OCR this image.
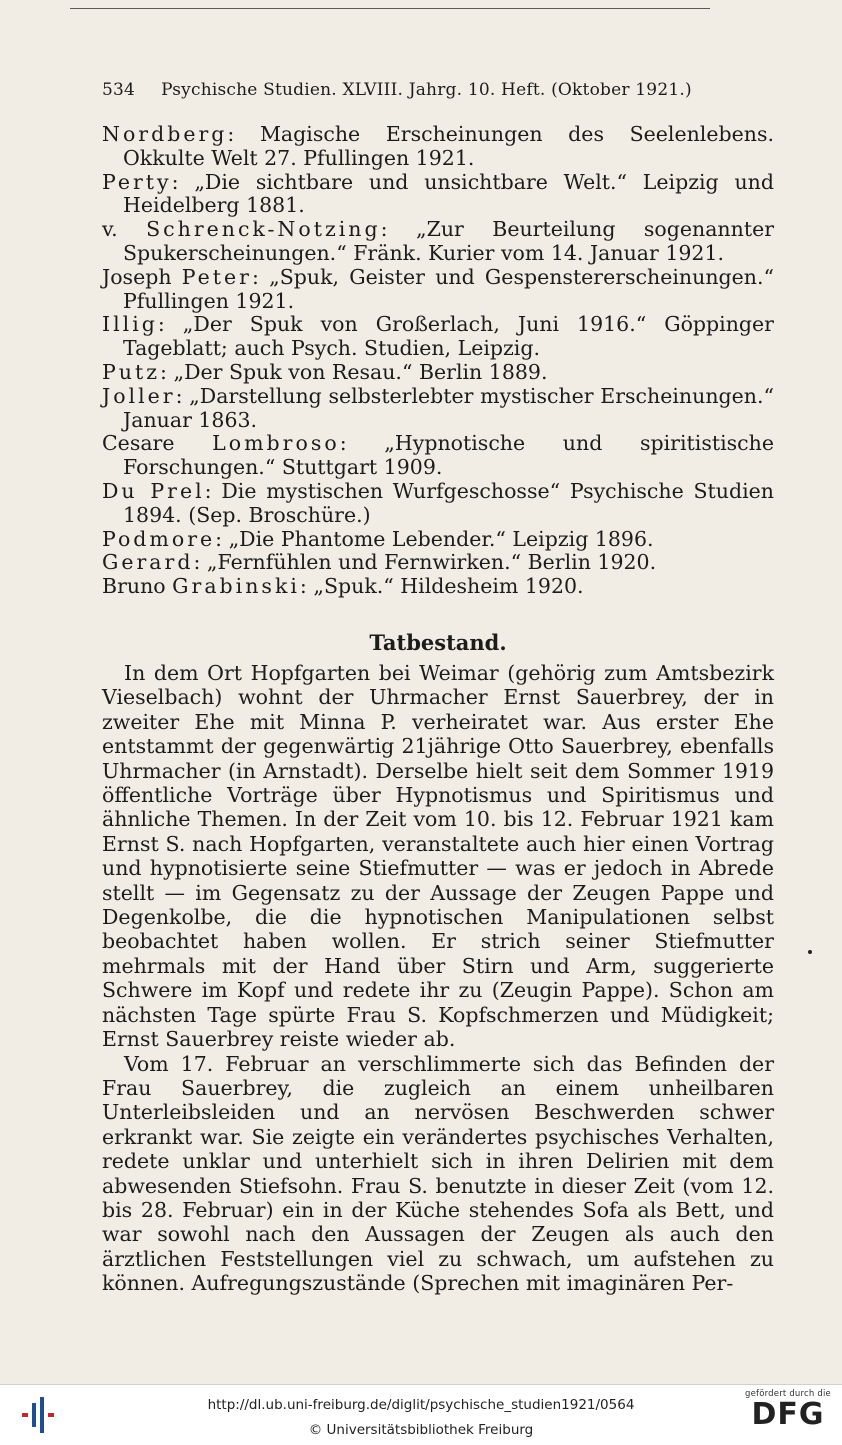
534 Psychische Studien. XLVIII. Jahrg. 10. Heft. (Oktober 1921.)
Nordberg: Magische Erscheinungen des Seelenlebens. Okkulte Welt 27. Pfullingen 1921.
Perty: „Die sichtbare und unsichtbare Welt.“ Leipzig und Heidelberg 1881.
v. Schrenck-Notzing: „Zur Beurteilung sogenannter Spukerscheinungen.“ Fränk. Kurier vom 14. Januar 1921.
Joseph Peter: „Spuk, Geister und Gespenstererscheinungen.“ Pfullingen 1921.
Illig: „Der Spuk von Großerlach, Juni 1916.“ Göppinger Tageblatt; auch Psych. Studien, Leipzig.
Putz: „Der Spuk von Resau.“ Berlin 1889.
Joller: „Darstellung selbsterlebter mystischer Erscheinungen.“ Januar 1863.
Cesare Lombroso: „Hypnotische und spiritistische Forschungen.“ Stuttgart 1909.
Du Prel: Die mystischen Wurfgeschosse“ Psychische Studien 1894. (Sep. Broschüre.)
Podmore: „Die Phantome Lebender.“ Leipzig 1896.
Gerard: „Fernfühlen und Fernwirken.“ Berlin 1920.
Bruno Grabinski: „Spuk.“ Hildesheim 1920.
Tatbestand.

In dem Ort Hopfgarten bei Weimar (gehörig zum Amtsbezirk Vieselbach) wohnt der Uhrmacher Ernst Sauerbrey, der in zweiter Ehe mit Minna P. verheiratet war. Aus erster Ehe entstammt der gegenwärtig 21jährige Otto Sauerbrey, ebenfalls Uhrmacher (in Arnstadt). Derselbe hielt seit dem Sommer 1919 öffentliche Vorträge über Hypnotismus und Spiritismus und ähnliche Themen. In der Zeit vom 10. bis 12. Februar 1921 kam Ernst S. nach Hopfgarten, veranstaltete auch hier einen Vortrag und hypnotisierte seine Stiefmutter — was er jedoch in Abrede stellt — im Gegensatz zu der Aussage der Zeugen Pappe und Degenkolbe, die die hypnotischen Manipulationen selbst beobachtet haben wollen. Er strich seiner Stiefmutter mehrmals mit der Hand über Stirn und Arm, suggerierte Schwere im Kopf und redete ihr zu (Zeugin Pappe). Schon am nächsten Tage spürte Frau S. Kopfschmerzen und Müdigkeit; Ernst Sauerbrey reiste wieder ab.

Vom 17. Februar an verschlimmerte sich das Befinden der Frau Sauerbrey, die zugleich an einem unheilbaren Unterleibsleiden und an nervösen Beschwerden schwer erkrankt war. Sie zeigte ein verändertes psychisches Verhalten, redete unklar und unterhielt sich in ihren Delirien mit dem abwesenden Stiefsohn. Frau S. benutzte in dieser Zeit (vom 12. bis 28. Februar) ein in der Küche stehendes Sofa als Bett, und war sowohl nach den Aussagen der Zeugen als auch den ärztlichen Feststellungen viel zu schwach, um aufstehen zu können. Aufregungszustände (Sprechen mit imaginären Per-

http://dl.ub.uni-freiburg.de/diglit/psychische_studien1921/0564
© Universitätsbibliothek Freiburg
gefördert durch die
DFG
